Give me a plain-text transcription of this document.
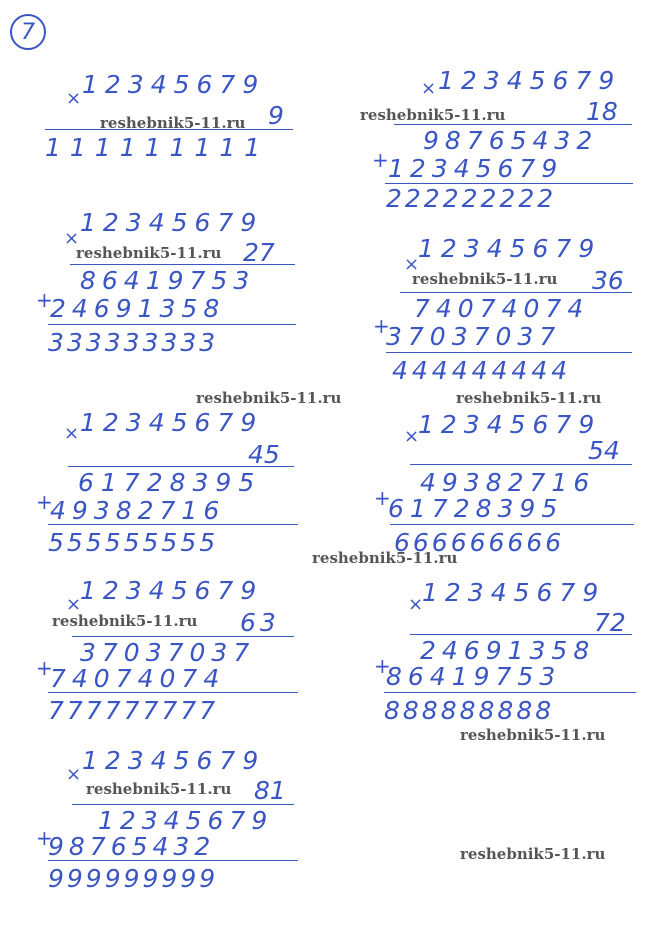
7
× 12345679
9
111111111
× 12345679
18
98765432
+ 12345679
222222222
×
12345679
27
86419753
+
24691358
333333333
×
12345679
36
74074074
+
37037037
444444444
× 12345679
45
61728395
+
49382716
555555555
×
12345679
54
49382716
+
61728395
666666666
×
12345679
63
37037037
+
74074074
777777777
×
12345679
72
24691358
+
86419753
888888888
× 12345679
81
12345679
+
98765432
999999999
reshebnik5-11.ru	reshebnik5-11.ru
reshebnik5-11.ru
reshebnik5-11.ru
reshebnik5-11.ru	reshebnik5-11.ru
reshebnik5-11.ru
reshebnik5-11.ru
reshebnik5-11.ru
reshebnik5-11.ru
reshebnik5-11.ru
